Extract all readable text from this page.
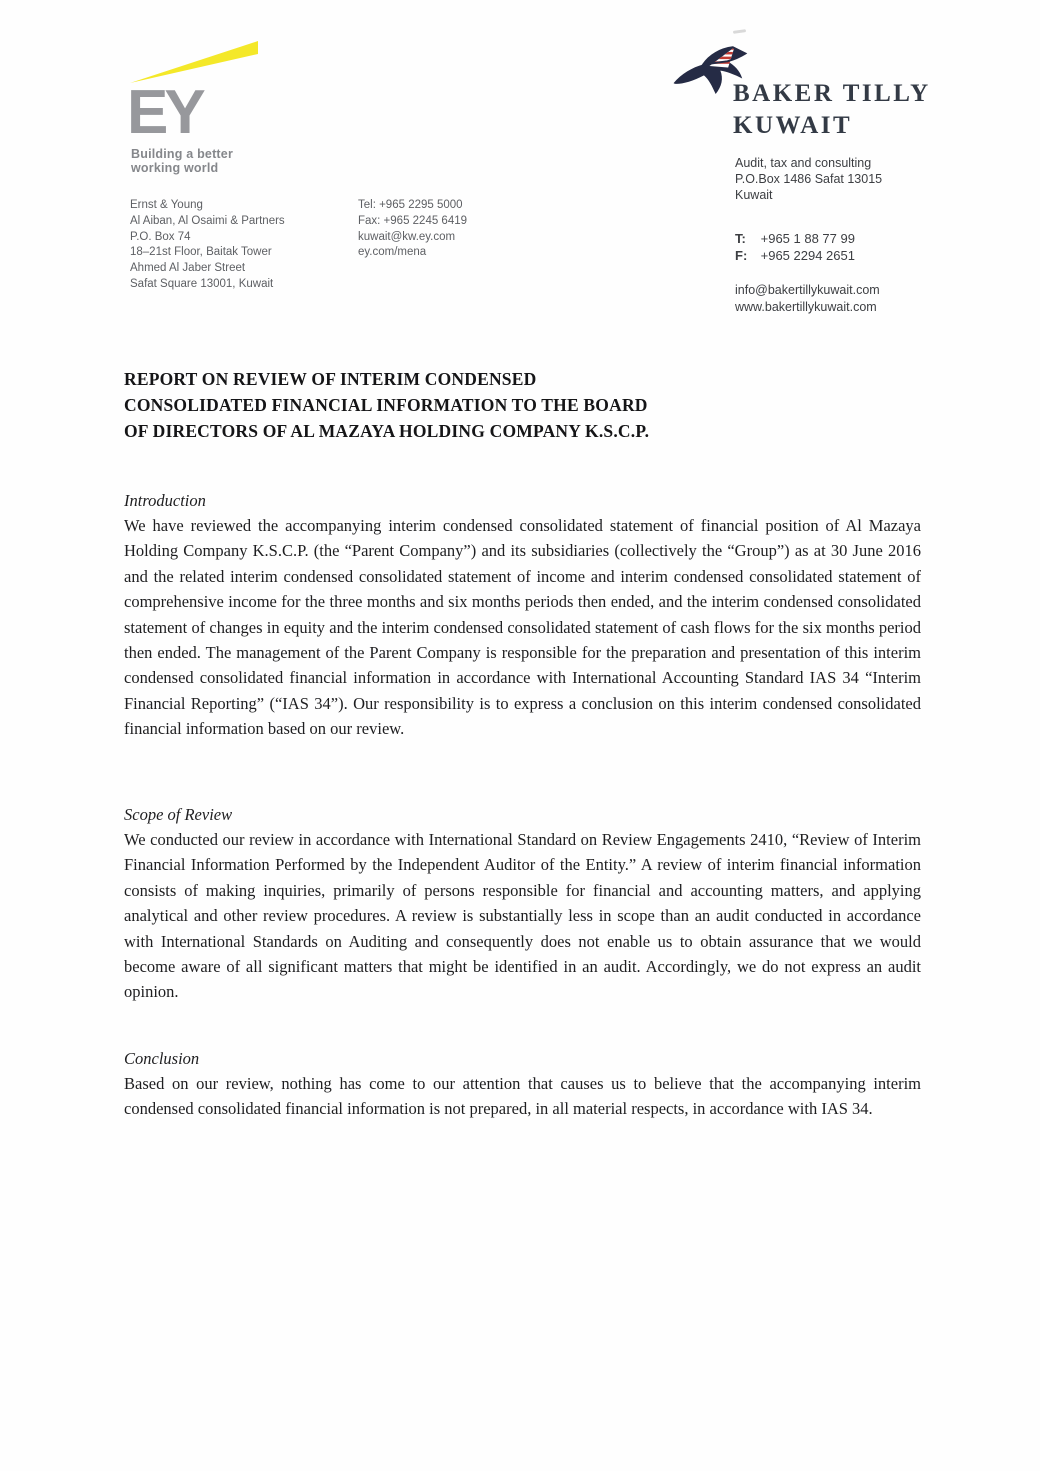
EY
Building a better
working world
Ernst & Young
Al Aiban, Al Osaimi & Partners
P.O. Box 74
18–21st Floor, Baitak Tower
Ahmed Al Jaber Street
Safat Square 13001, Kuwait
Tel: +965 2295 5000
Fax: +965 2245 6419
kuwait@kw.ey.com
ey.com/mena
BAKER TILLY
KUWAIT
Audit, tax and consulting
P.O.Box 1486 Safat 13015
Kuwait
T: +965 1 88 77 99
F: +965 2294 2651
info@bakertillykuwait.com
www.bakertillykuwait.com
REPORT ON REVIEW OF INTERIM CONDENSED
CONSOLIDATED FINANCIAL INFORMATION TO THE BOARD
OF DIRECTORS OF AL MAZAYA HOLDING COMPANY K.S.C.P.
Introduction
We have reviewed the accompanying interim condensed consolidated statement of financial position of Al Mazaya Holding Company K.S.C.P. (the “Parent Company”) and its subsidiaries (collectively the “Group”) as at 30 June 2016 and the related interim condensed consolidated statement of income and interim condensed consolidated statement of comprehensive income for the three months and six months periods then ended, and the interim condensed consolidated statement of changes in equity and the interim condensed consolidated statement of cash flows for the six months period then ended. The management of the Parent Company is responsible for the preparation and presentation of this interim condensed consolidated financial information in accordance with International Accounting Standard IAS 34 “Interim Financial Reporting” (“IAS 34”). Our responsibility is to express a conclusion on this interim condensed consolidated financial information based on our review.
Scope of Review
We conducted our review in accordance with International Standard on Review Engagements 2410, “Review of Interim Financial Information Performed by the Independent Auditor of the Entity.” A review of interim financial information consists of making inquiries, primarily of persons responsible for financial and accounting matters, and applying analytical and other review procedures. A review is substantially less in scope than an audit conducted in accordance with International Standards on Auditing and consequently does not enable us to obtain assurance that we would become aware of all significant matters that might be identified in an audit. Accordingly, we do not express an audit opinion.
Conclusion
Based on our review, nothing has come to our attention that causes us to believe that the accompanying interim condensed consolidated financial information is not prepared, in all material respects, in accordance with IAS 34.
